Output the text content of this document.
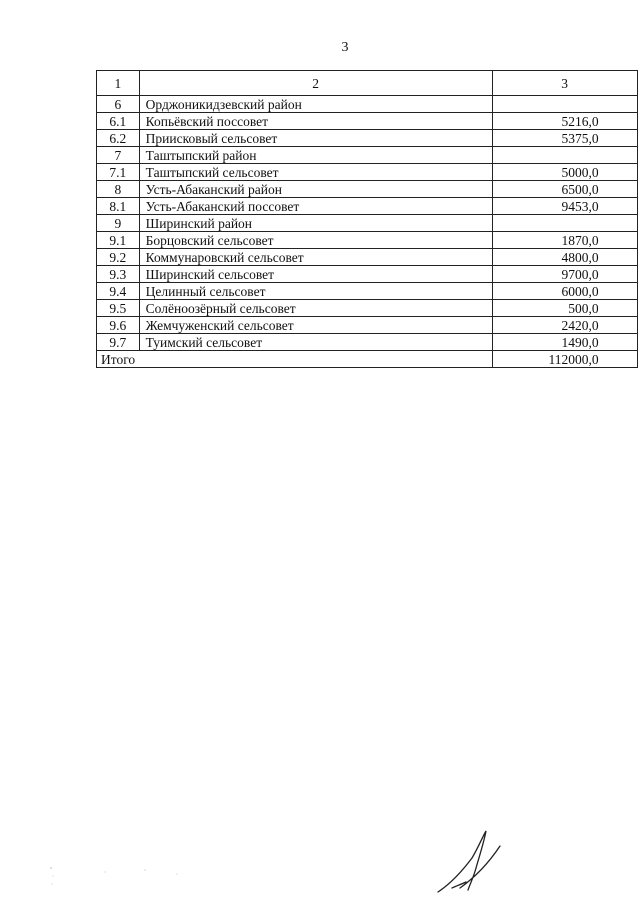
3
1	2	3
6	Орджоникидзевский район	
6.1	Копьёвский поссовет	5216,0
6.2	Приисковый сельсовет	5375,0
7	Таштыпский район	
7.1	Таштыпский сельсовет	5000,0
8	Усть-Абаканский район	6500,0
8.1	Усть-Абаканский поссовет	9453,0
9	Ширинский район	
9.1	Борцовский сельсовет	1870,0
9.2	Коммунаровский сельсовет	4800,0
9.3	Ширинский сельсовет	9700,0
9.4	Целинный сельсовет	6000,0
9.5	Солёноозёрный сельсовет	500,0
9.6	Жемчуженский сельсовет	2420,0
9.7	Туимский сельсовет	1490,0
Итого		112000,0
